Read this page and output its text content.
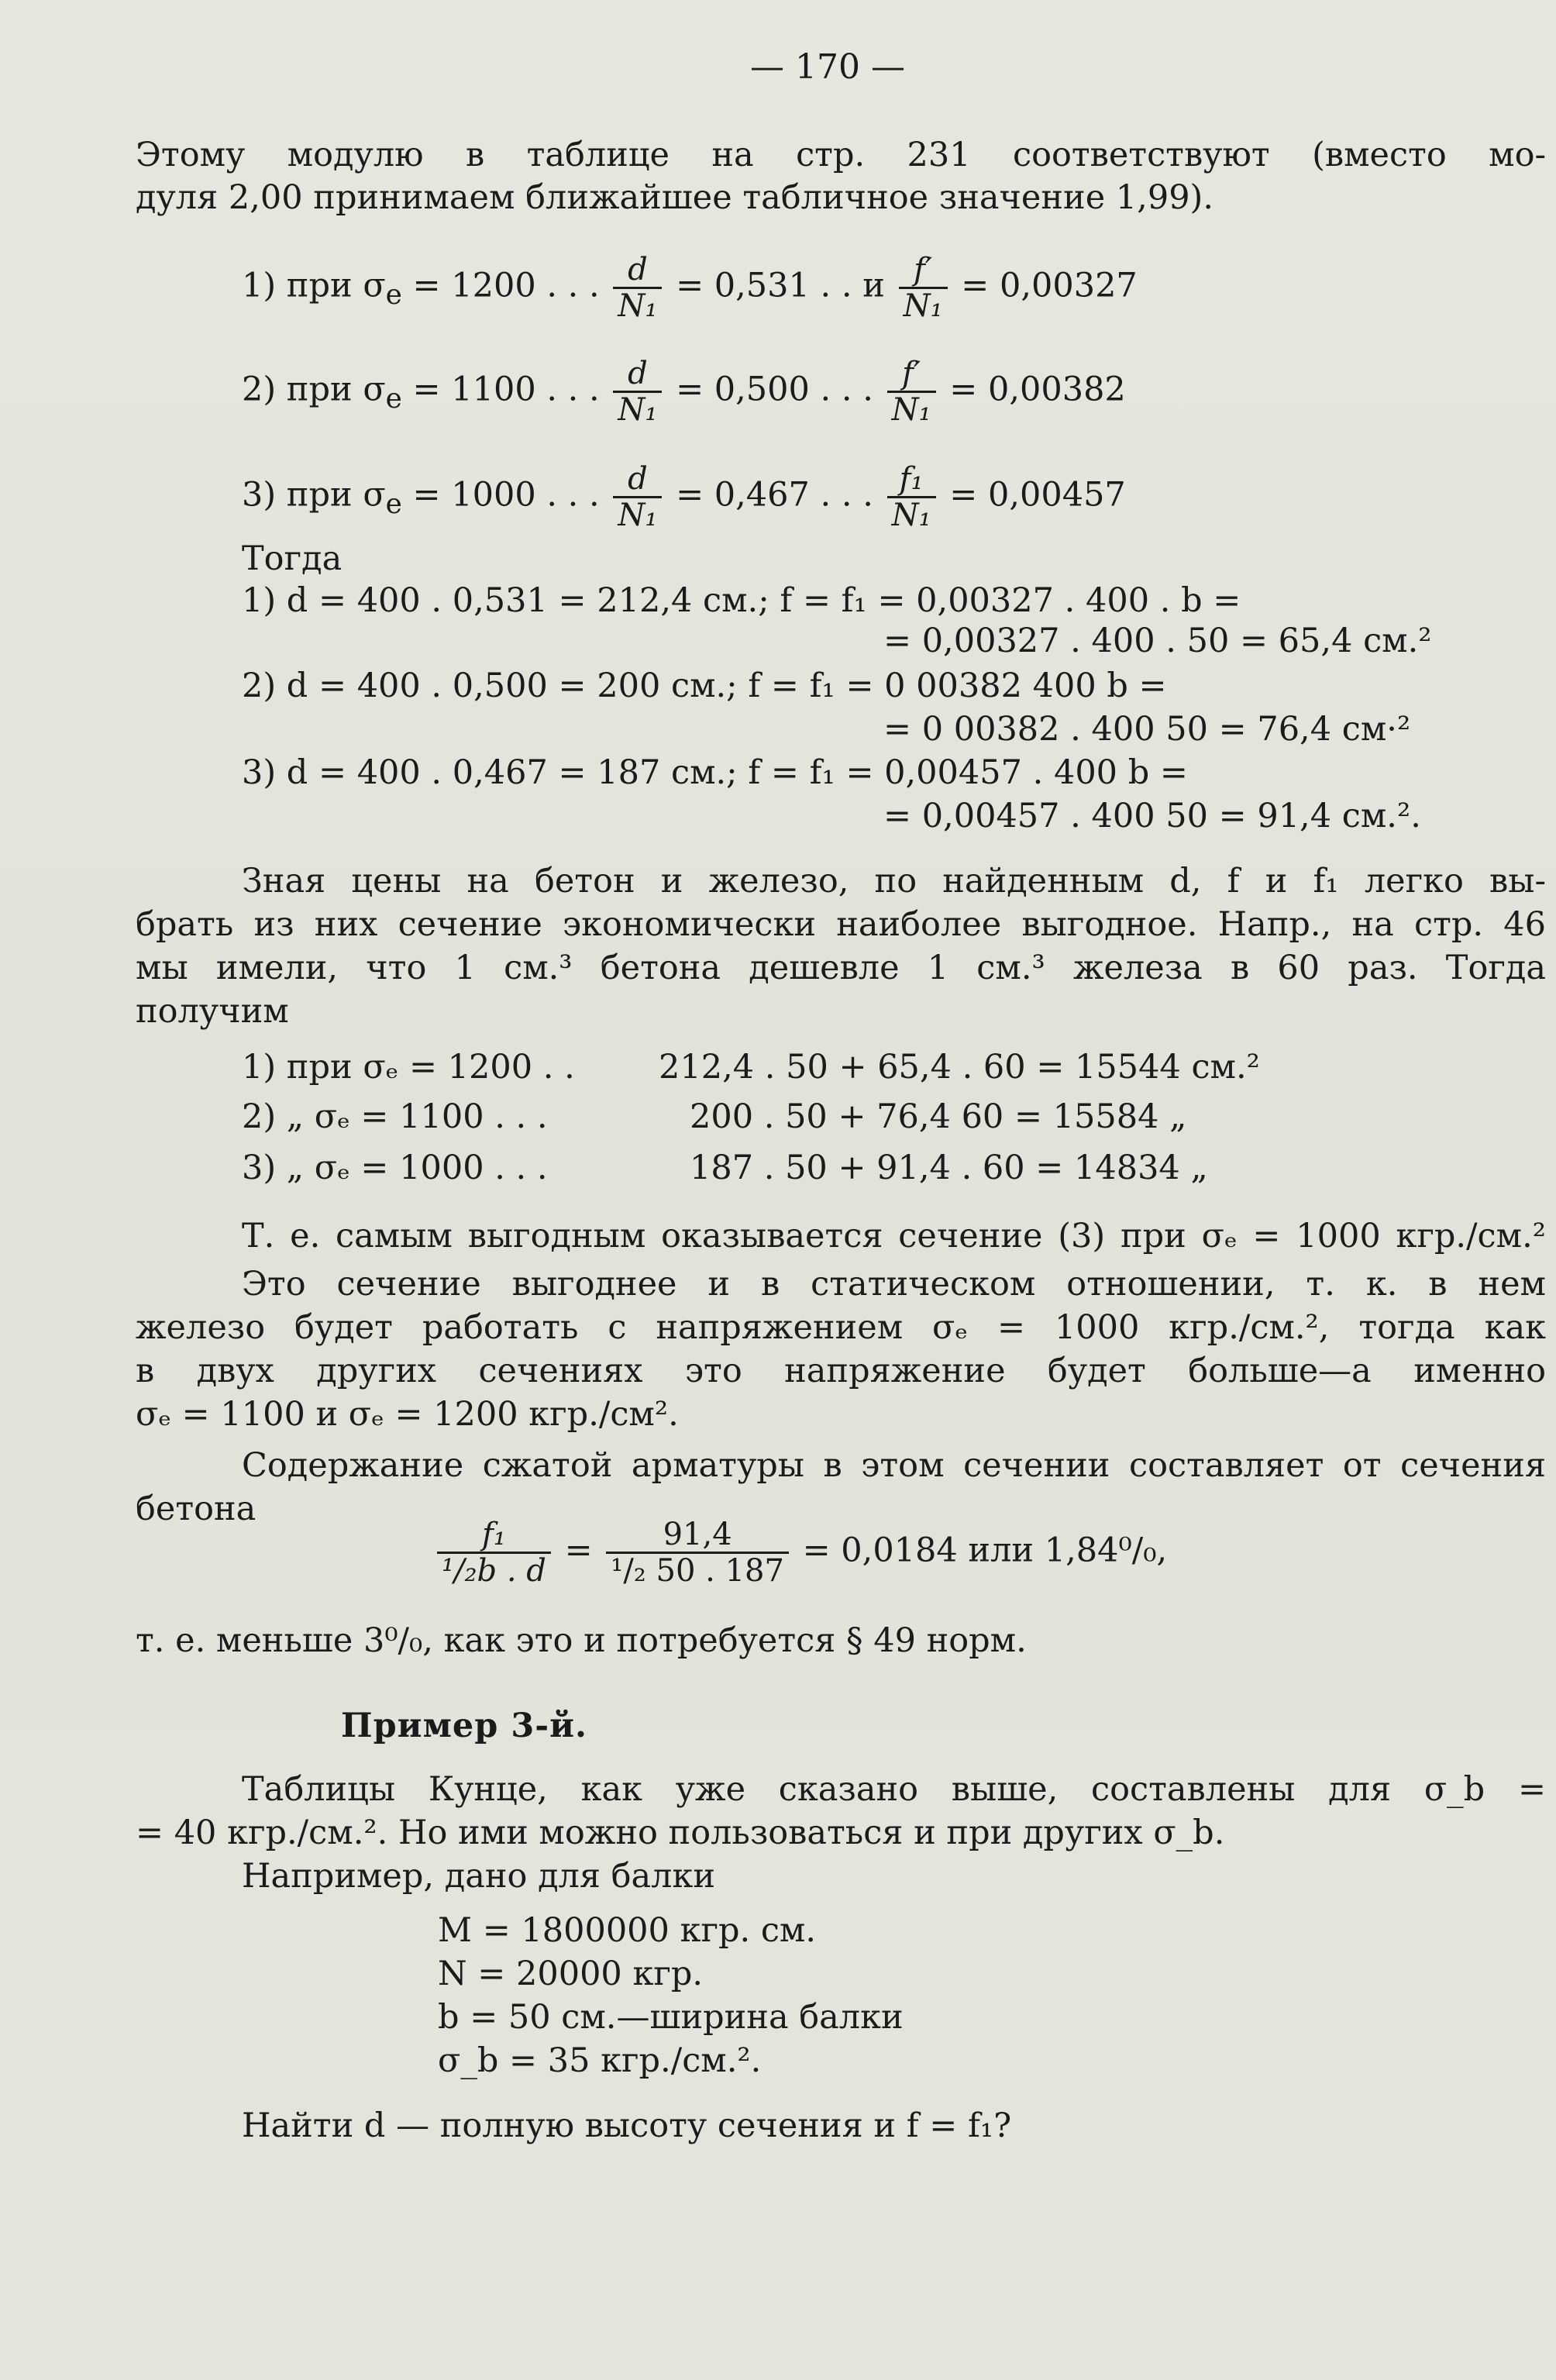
— 170 —
Этому модулю в таблице на стр. 231 соответствуют (вместо мо-
дуля 2,00 принимаем ближайшее табличное значение 1,99).
1) при $\sigma_e = 1200$ . . . $\frac{d}{\text{N₁}} = 0,531$ . . и $\frac{f'}{\text{N₁}} = 0,00327$
2) при $\sigma_e = 1100$ . . . $\frac{d}{\text{N₁}} = 0,500$ . . . $\frac{f'}{\text{N₁}} = 0,00382$
3) при $\sigma_e = 1000$ . . . $\frac{d}{\text{N₁}} = 0,467$ . . . $\frac{\text{f₁}}{\text{N₁}} = 0,00457$
Тогда
1) d = 400 . 0,531 = 212,4 см.; f = f₁ = 0,00327 . 400 . b =
= 0,00327 . 400 . 50 = 65,4 см.²
2) d = 400 . 0,500 = 200 см.; f = f₁ = 0 00382 400 b =
= 0 00382 . 400 50 = 76,4 см·²
3) d = 400 . 0,467 = 187 см.; f = f₁ = 0,00457 . 400 b =
= 0,00457 . 400 50 = 91,4 см.².
Зная цены на бетон и железо, по найденным d, f и f₁ легко вы-
брать из них сечение экономически наиболее выгодное. Напр., на стр. 46
мы имели, что 1 см.³ бетона дешевле 1 см.³ железа в 60 раз. Тогда
получим
1) при σₑ = 1200 . .	212,4 . 50 + 65,4 . 60 = 15544 см.²
2) „ σₑ = 1100 . . .	200 . 50 + 76,4 60 = 15584 „
3) „ σₑ = 1000 . . .	187 . 50 + 91,4 . 60 = 14834 „
Т. е. самым выгодным оказывается сечение (3) при σₑ = 1000 кгр./см.²
Это сечение выгоднее и в статическом отношении, т. к. в нем
железо будет работать с напряжением σₑ = 1000 кгр./см.², тогда как
в двух других сечениях это напряжение будет больше—а именно
σₑ = 1100 и σₑ = 1200 кгр./см².
Содержание сжатой арматуры в этом сечении составляет от сечения
бетона
$\frac{\text{f₁}}{\text{¹/₂b . d}} = \frac{91,4}{\text{¹/₂ 50 . 187}} = 0,0184$ или 1,84⁰/₀,
т. е. меньше 3⁰/₀, как это и потребуется § 49 норм.
Пример 3-й.
Таблицы Кунце, как уже сказано выше, составлены для σ_b =
= 40 кгр./см.². Но ими можно пользоваться и при других σ_b.
Например, дано для балки
M = 1800000 кгр. см.
N = 20000 кгр.
b = 50 см.—ширина балки
σ_b = 35 кгр./см.².
Найти d — полную высоту сечения и f = f₁?
